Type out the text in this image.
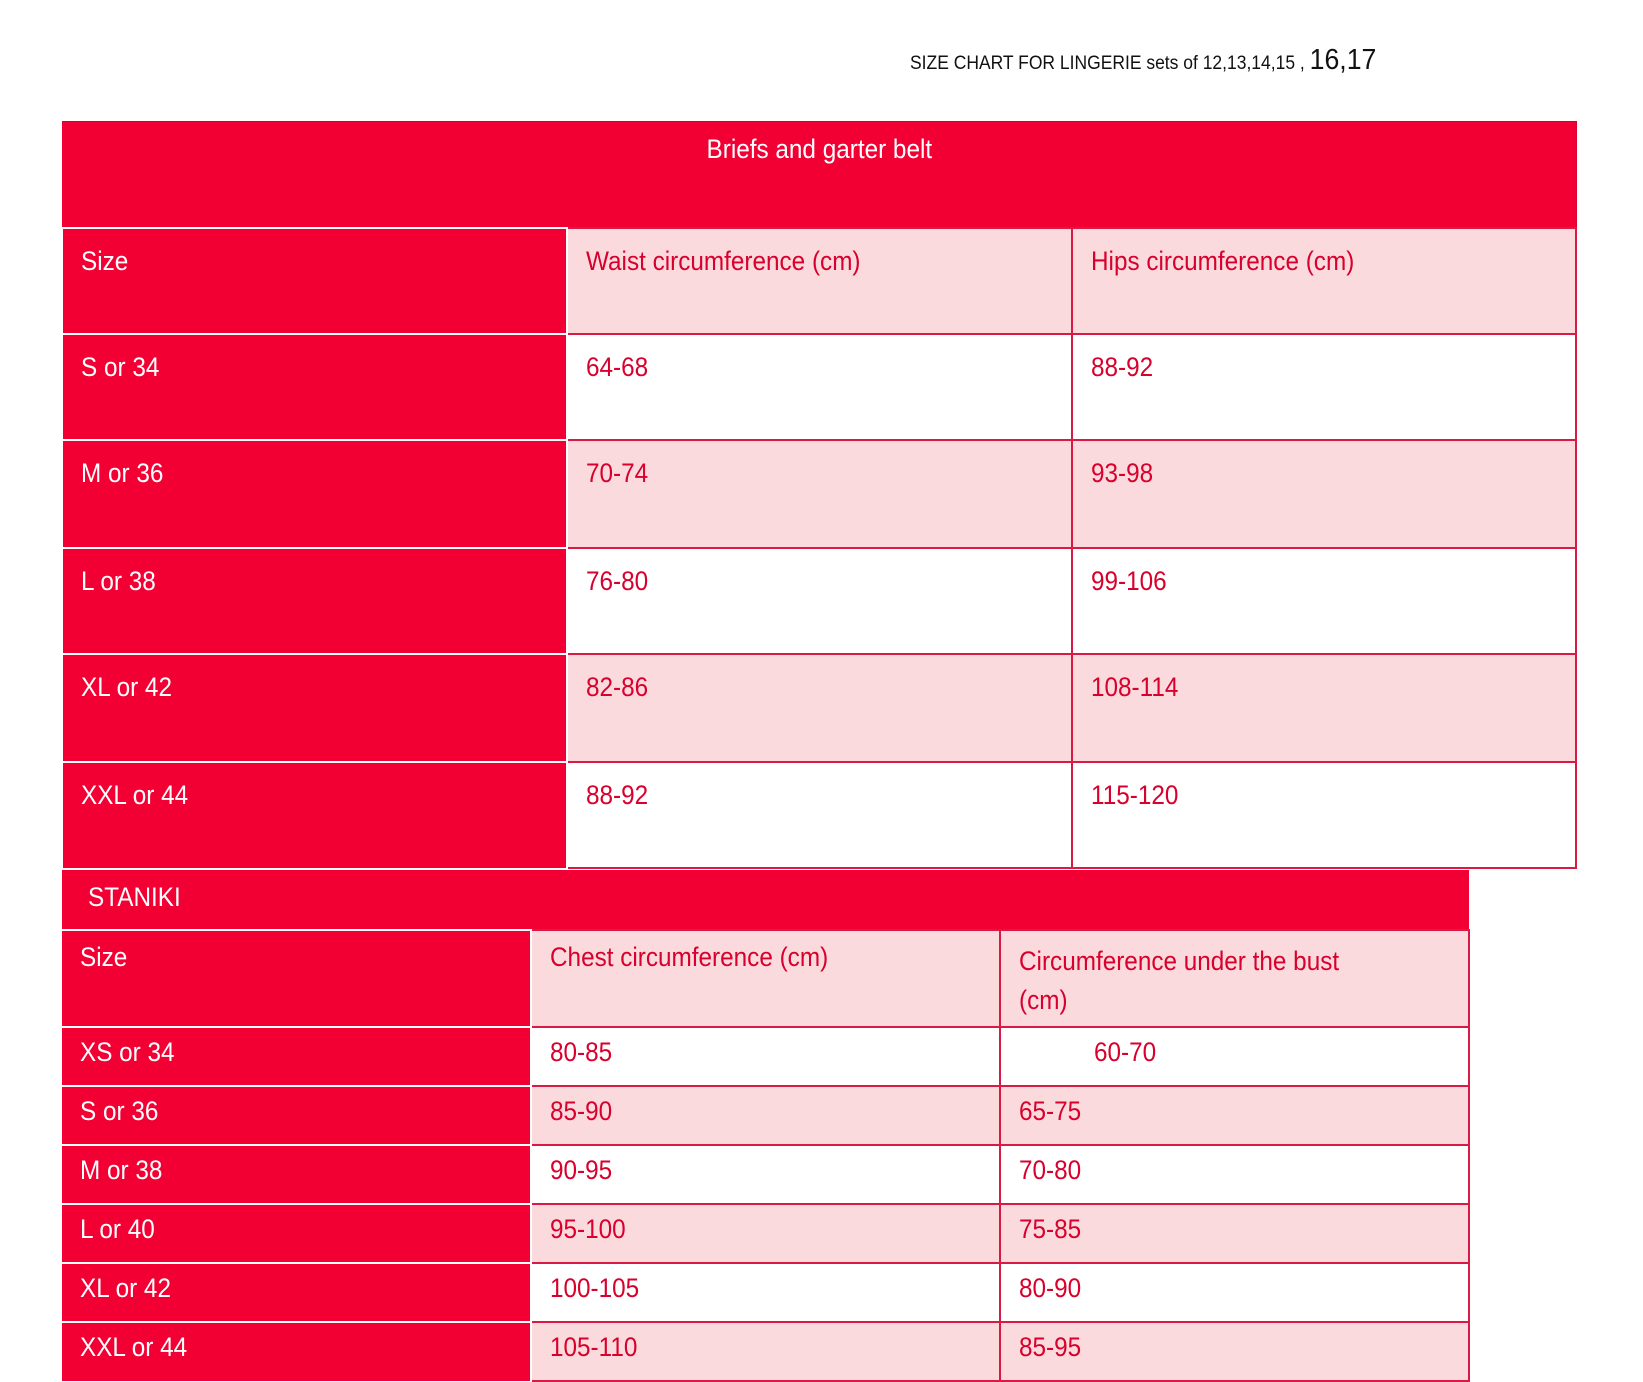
SIZE CHART FOR LINGERIE sets of 12,13,14,15 , 16,17
Briefs and garter belt		
Size	Waist circumference (cm)	Hips circumference (cm)
S or 34	64-68	88-92
M or 36	70-74	93-98
L or 38	76-80	99-106
XL or 42	82-86	108-114
XXL or 44	88-92	115-120
STANIKI		
Size	Chest circumference (cm)	Circumference under the bust (cm)
XS or 34	80-85	60-70
S or 36	85-90	65-75
M or 38	90-95	70-80
L or 40	95-100	75-85
XL or 42	100-105	80-90
XXL or 44	105-110	85-95
